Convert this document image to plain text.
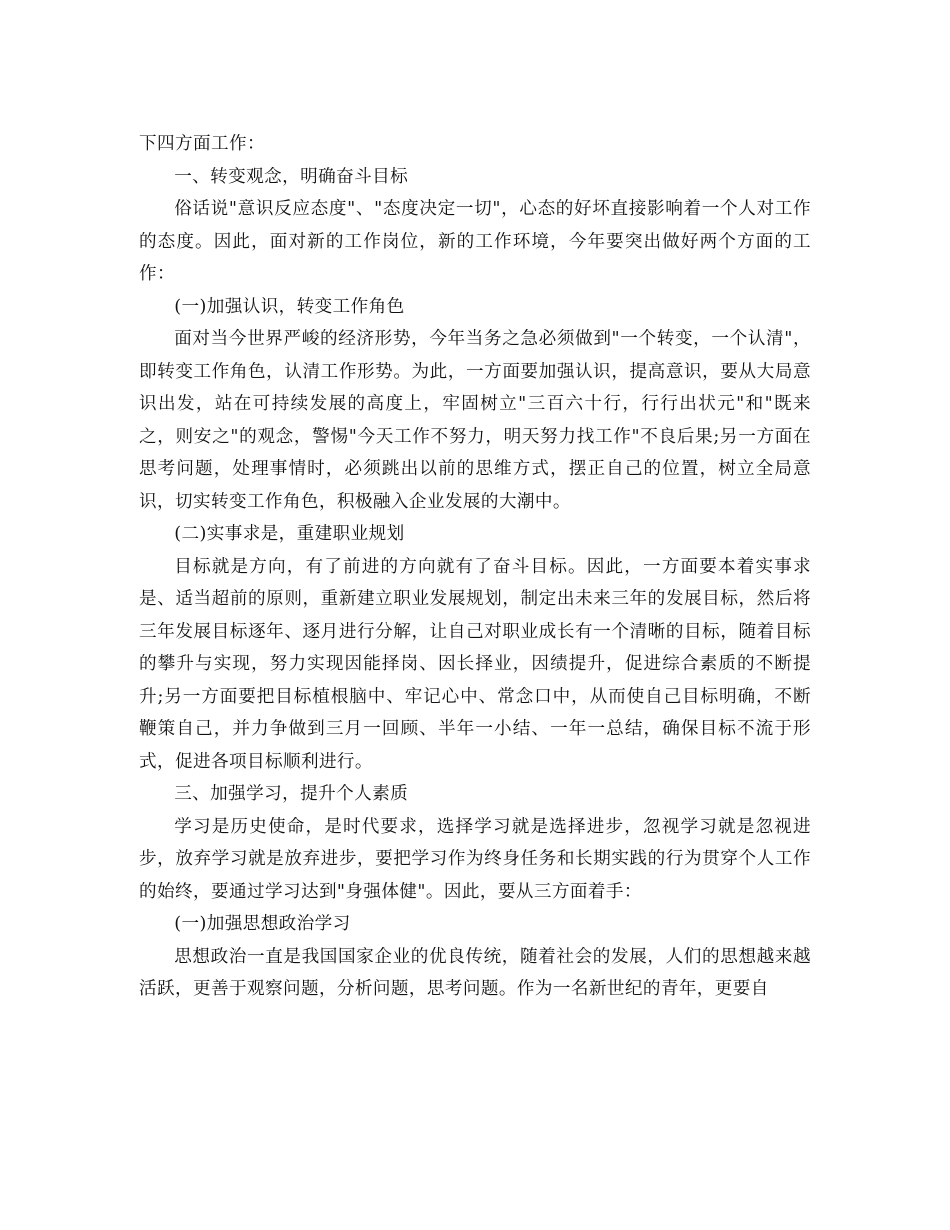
下四方面工作：

一、转变观念，明确奋斗目标

俗话说"意识反应态度"、"态度决定一切"，心态的好坏直接影响着一个人对工作的态度。因此，面对新的工作岗位，新的工作环境，今年要突出做好两个方面的工作：

(一)加强认识，转变工作角色

面对当今世界严峻的经济形势，今年当务之急必须做到"一个转变，一个认清"，即转变工作角色，认清工作形势。为此，一方面要加强认识，提高意识，要从大局意识出发，站在可持续发展的高度上，牢固树立"三百六十行，行行出状元"和"既来之，则安之"的观念，警惕"今天工作不努力，明天努力找工作"不良后果;另一方面在思考问题，处理事情时，必须跳出以前的思维方式，摆正自己的位置，树立全局意识，切实转变工作角色，积极融入企业发展的大潮中。

(二)实事求是，重建职业规划

目标就是方向，有了前进的方向就有了奋斗目标。因此，一方面要本着实事求是、适当超前的原则，重新建立职业发展规划，制定出未来三年的发展目标，然后将三年发展目标逐年、逐月进行分解，让自己对职业成长有一个清晰的目标，随着目标的攀升与实现，努力实现因能择岗、因长择业，因绩提升，促进综合素质的不断提升;另一方面要把目标植根脑中、牢记心中、常念口中，从而使自己目标明确，不断鞭策自己，并力争做到三月一回顾、半年一小结、一年一总结，确保目标不流于形式，促进各项目标顺利进行。

三、加强学习，提升个人素质

学习是历史使命，是时代要求，选择学习就是选择进步，忽视学习就是忽视进步，放弃学习就是放弃进步，要把学习作为终身任务和长期实践的行为贯穿个人工作的始终，要通过学习达到"身强体健"。因此，要从三方面着手：

(一)加强思想政治学习

思想政治一直是我国国家企业的优良传统，随着社会的发展，人们的思想越来越活跃，更善于观察问题，分析问题，思考问题。作为一名新世纪的青年，更要自
